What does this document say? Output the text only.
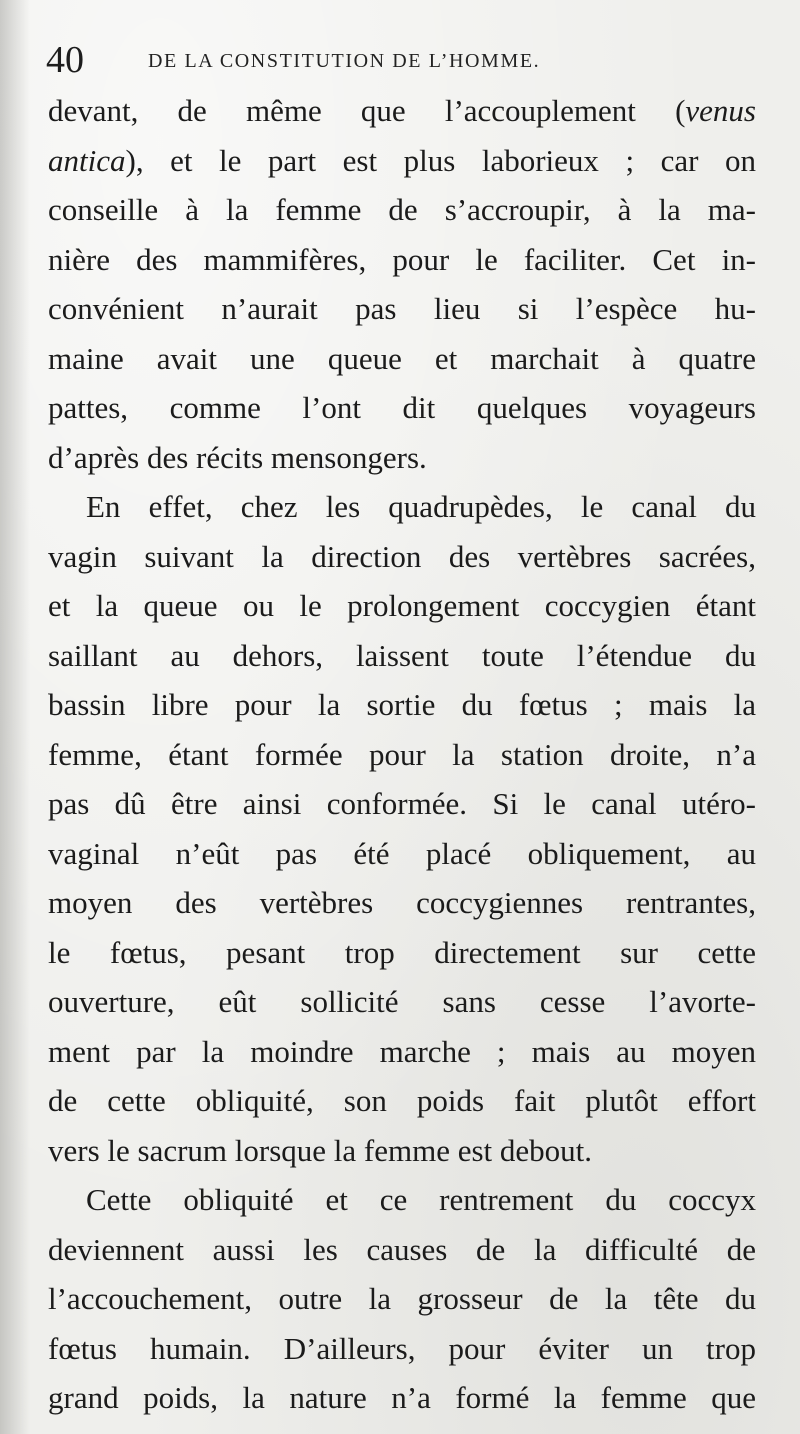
40	DE LA CONSTITUTION DE L’HOMME.
devant, de même que l’accouplement (venus
antica), et le part est plus laborieux ; car on
conseille à la femme de s’accroupir, à la ma-
nière des mammifères, pour le faciliter. Cet in-
convénient n’aurait pas lieu si l’espèce hu-
maine avait une queue et marchait à quatre
pattes, comme l’ont dit quelques voyageurs
d’après des récits mensongers.
En effet, chez les quadrupèdes, le canal du
vagin suivant la direction des vertèbres sacrées,
et la queue ou le prolongement coccygien étant
saillant au dehors, laissent toute l’étendue du
bassin libre pour la sortie du fœtus ; mais la
femme, étant formée pour la station droite, n’a
pas dû être ainsi conformée. Si le canal utéro-
vaginal n’eût pas été placé obliquement, au
moyen des vertèbres coccygiennes rentrantes,
le fœtus, pesant trop directement sur cette
ouverture, eût sollicité sans cesse l’avorte-
ment par la moindre marche ; mais au moyen
de cette obliquité, son poids fait plutôt effort
vers le sacrum lorsque la femme est debout.
Cette obliquité et ce rentrement du coccyx
deviennent aussi les causes de la difficulté de
l’accouchement, outre la grosseur de la tête du
fœtus humain. D’ailleurs, pour éviter un trop
grand poids, la nature n’a formé la femme que
